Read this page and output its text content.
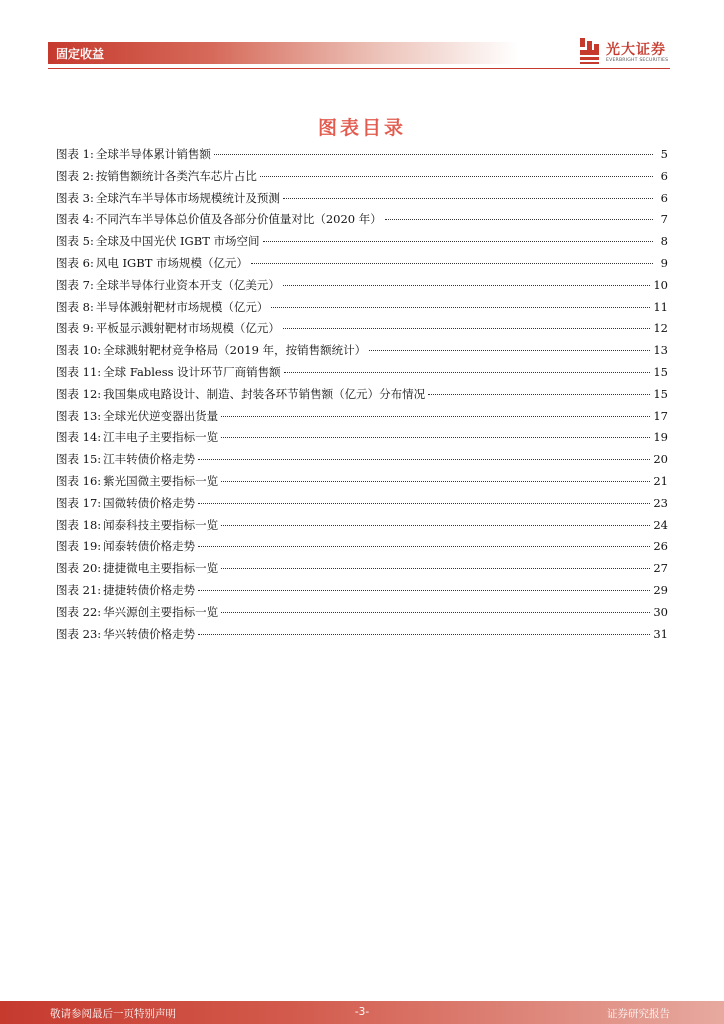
固定收益	光大证券
EVERBRIGHT SECURITIES
图表目录
图表 1: 全球半导体累计销售额	5
图表 2: 按销售额统计各类汽车芯片占比	6
图表 3: 全球汽车半导体市场规模统计及预测	6
图表 4: 不同汽车半导体总价值及各部分价值量对比（2020 年）	7
图表 5: 全球及中国光伏 IGBT 市场空间	8
图表 6: 风电 IGBT 市场规模（亿元）	9
图表 7: 全球半导体行业资本开支（亿美元）	10
图表 8: 半导体溅射靶材市场规模（亿元）	11
图表 9: 平板显示溅射靶材市场规模（亿元）	12
图表 10: 全球溅射靶材竞争格局（2019 年，按销售额统计）	13
图表 11: 全球 Fabless 设计环节厂商销售额	15
图表 12: 我国集成电路设计、制造、封装各环节销售额（亿元）分布情况	15
图表 13: 全球光伏逆变器出货量	17
图表 14: 江丰电子主要指标一览	19
图表 15: 江丰转债价格走势	20
图表 16: 紫光国微主要指标一览	21
图表 17: 国微转债价格走势	23
图表 18: 闻泰科技主要指标一览	24
图表 19: 闻泰转债价格走势	26
图表 20: 捷捷微电主要指标一览	27
图表 21: 捷捷转债价格走势	29
图表 22: 华兴源创主要指标一览	30
图表 23: 华兴转债价格走势	31
敬请参阅最后一页特别声明	-3-	证券研究报告
